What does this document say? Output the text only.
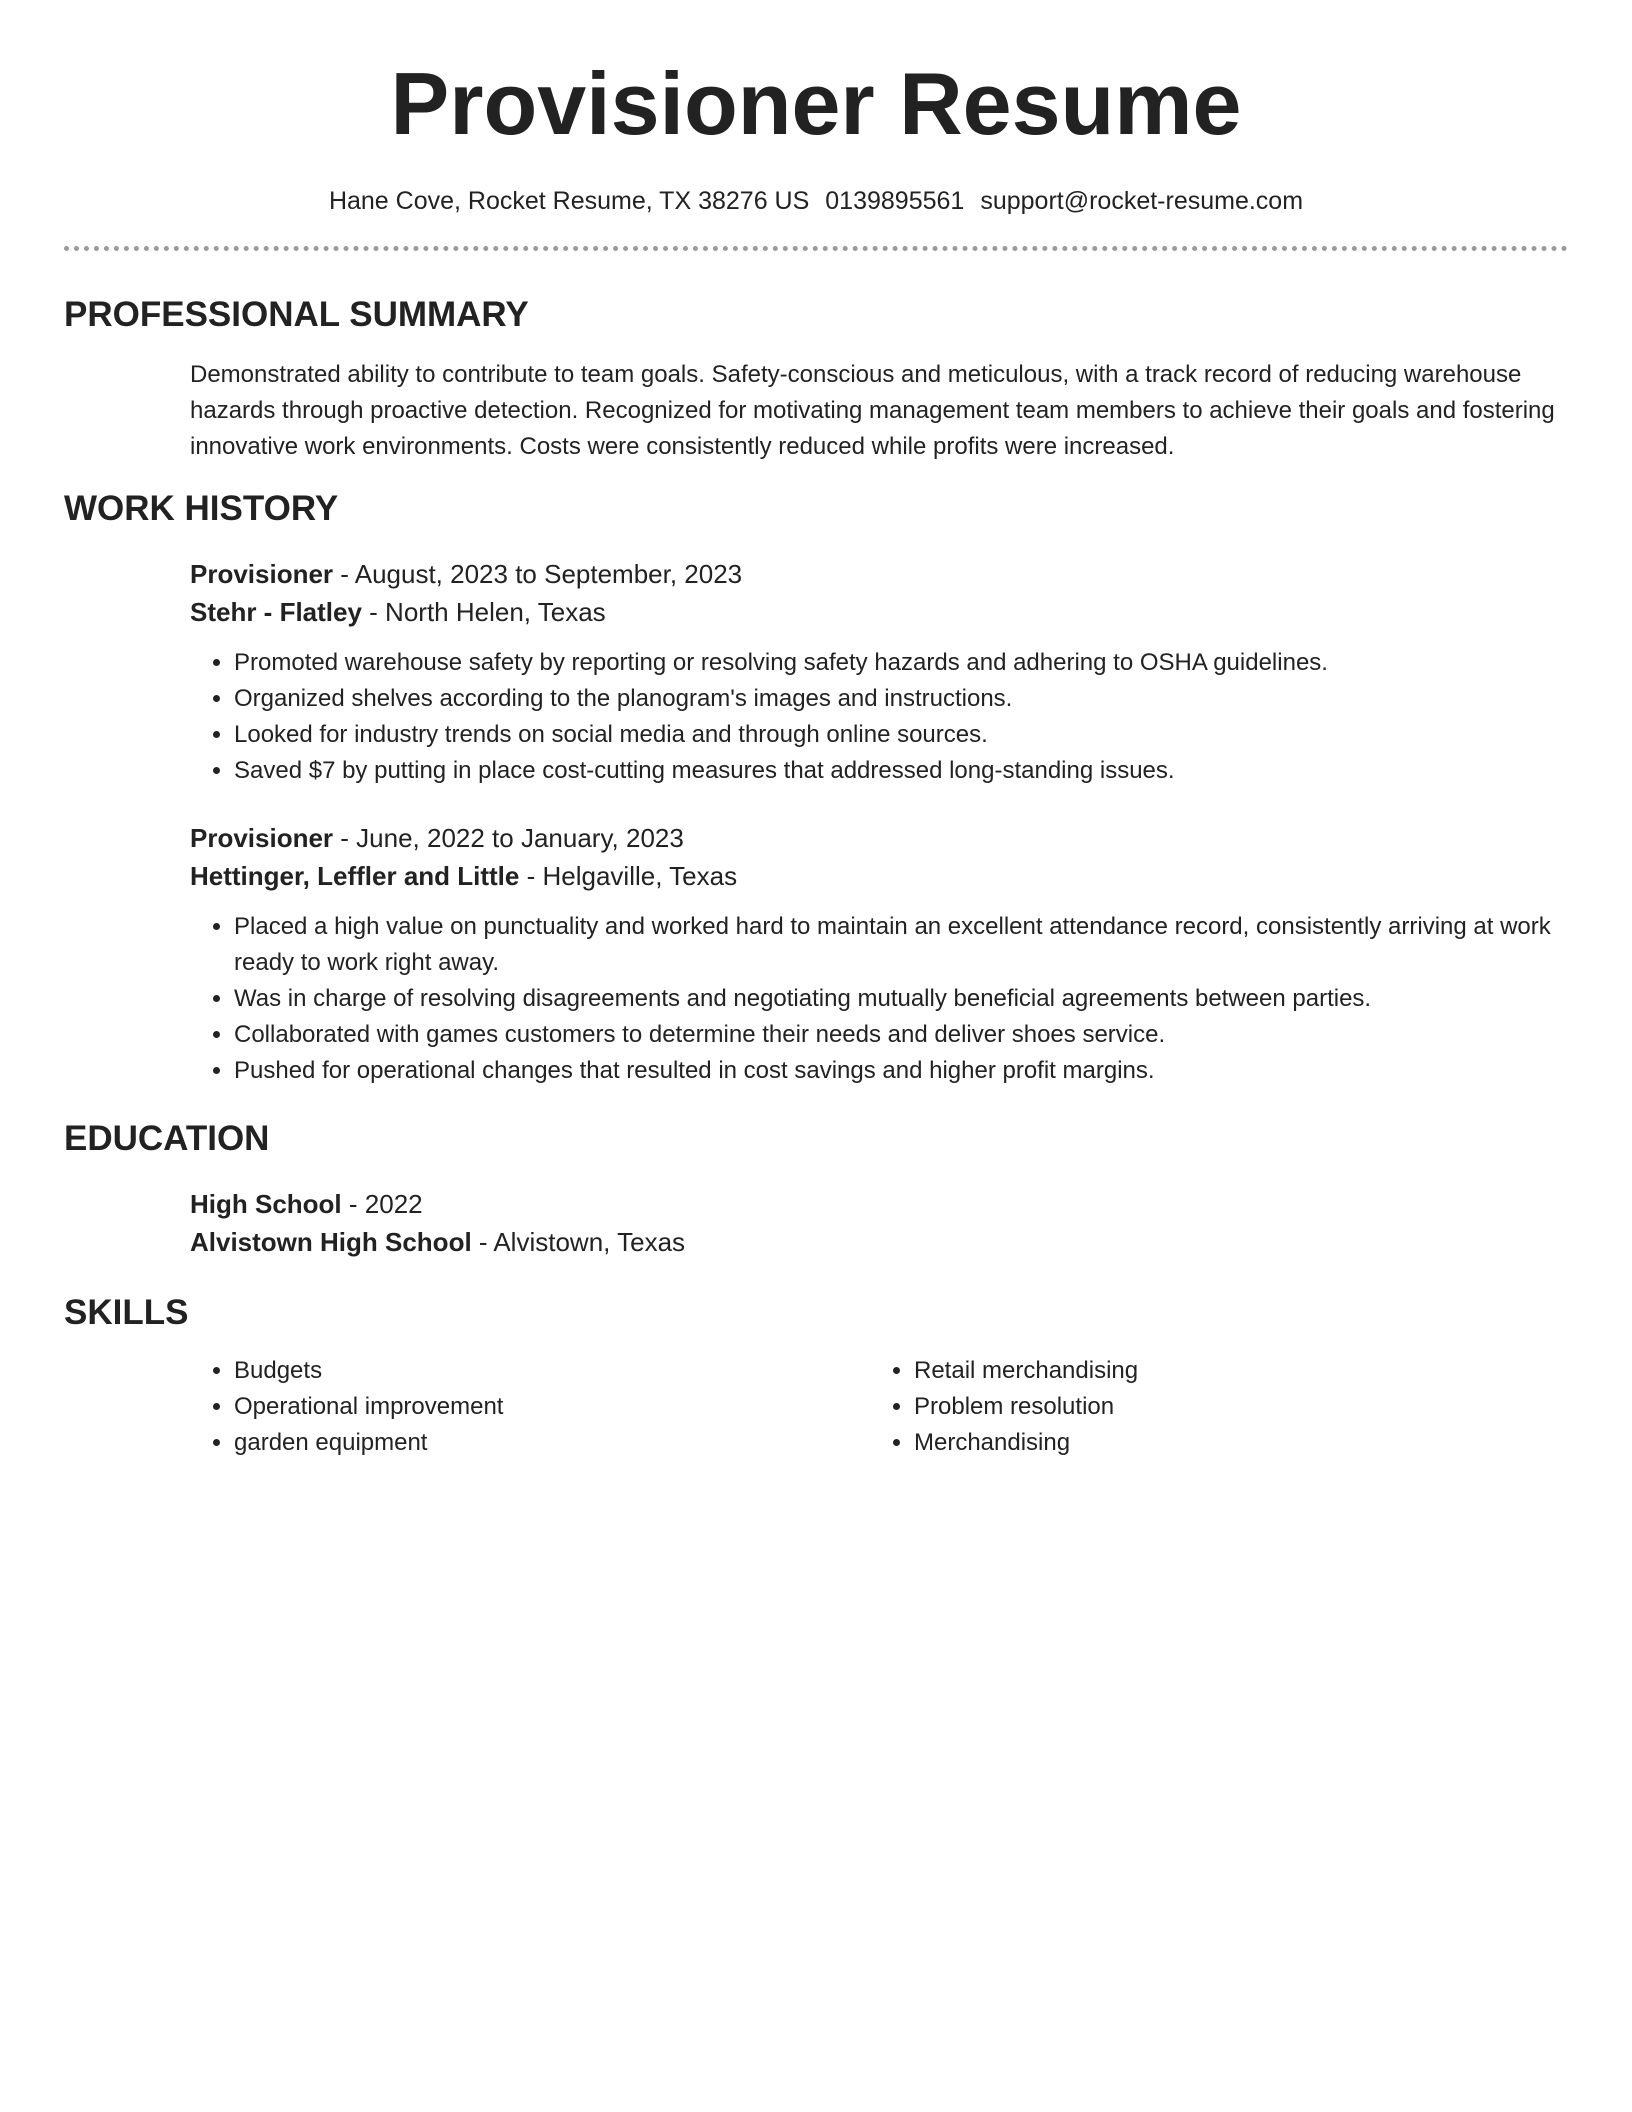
Provisioner Resume
Hane Cove, Rocket Resume, TX 38276 US 0139895561 support@rocket-resume.com
PROFESSIONAL SUMMARY

Demonstrated ability to contribute to team goals. Safety-conscious and meticulous, with a track record of reducing warehouse hazards through proactive detection. Recognized for motivating management team members to achieve their goals and fostering innovative work environments. Costs were consistently reduced while profits were increased.

WORK HISTORY
Provisioner - August, 2023 to September, 2023
Stehr - Flatley - North Helen, Texas
• Promoted warehouse safety by reporting or resolving safety hazards and adhering to OSHA guidelines.
• Organized shelves according to the planogram's images and instructions.
• Looked for industry trends on social media and through online sources.
• Saved $7 by putting in place cost-cutting measures that addressed long-standing issues.
Provisioner - June, 2022 to January, 2023
Hettinger, Leffler and Little - Helgaville, Texas
• Placed a high value on punctuality and worked hard to maintain an excellent attendance record, consistently arriving at work ready to work right away.
• Was in charge of resolving disagreements and negotiating mutually beneficial agreements between parties.
• Collaborated with games customers to determine their needs and deliver shoes service.
• Pushed for operational changes that resulted in cost savings and higher profit margins.
EDUCATION
High School - 2022
Alvistown High School - Alvistown, Texas
SKILLS
• Budgets
• Operational improvement
• garden equipment
• Retail merchandising
• Problem resolution
• Merchandising
